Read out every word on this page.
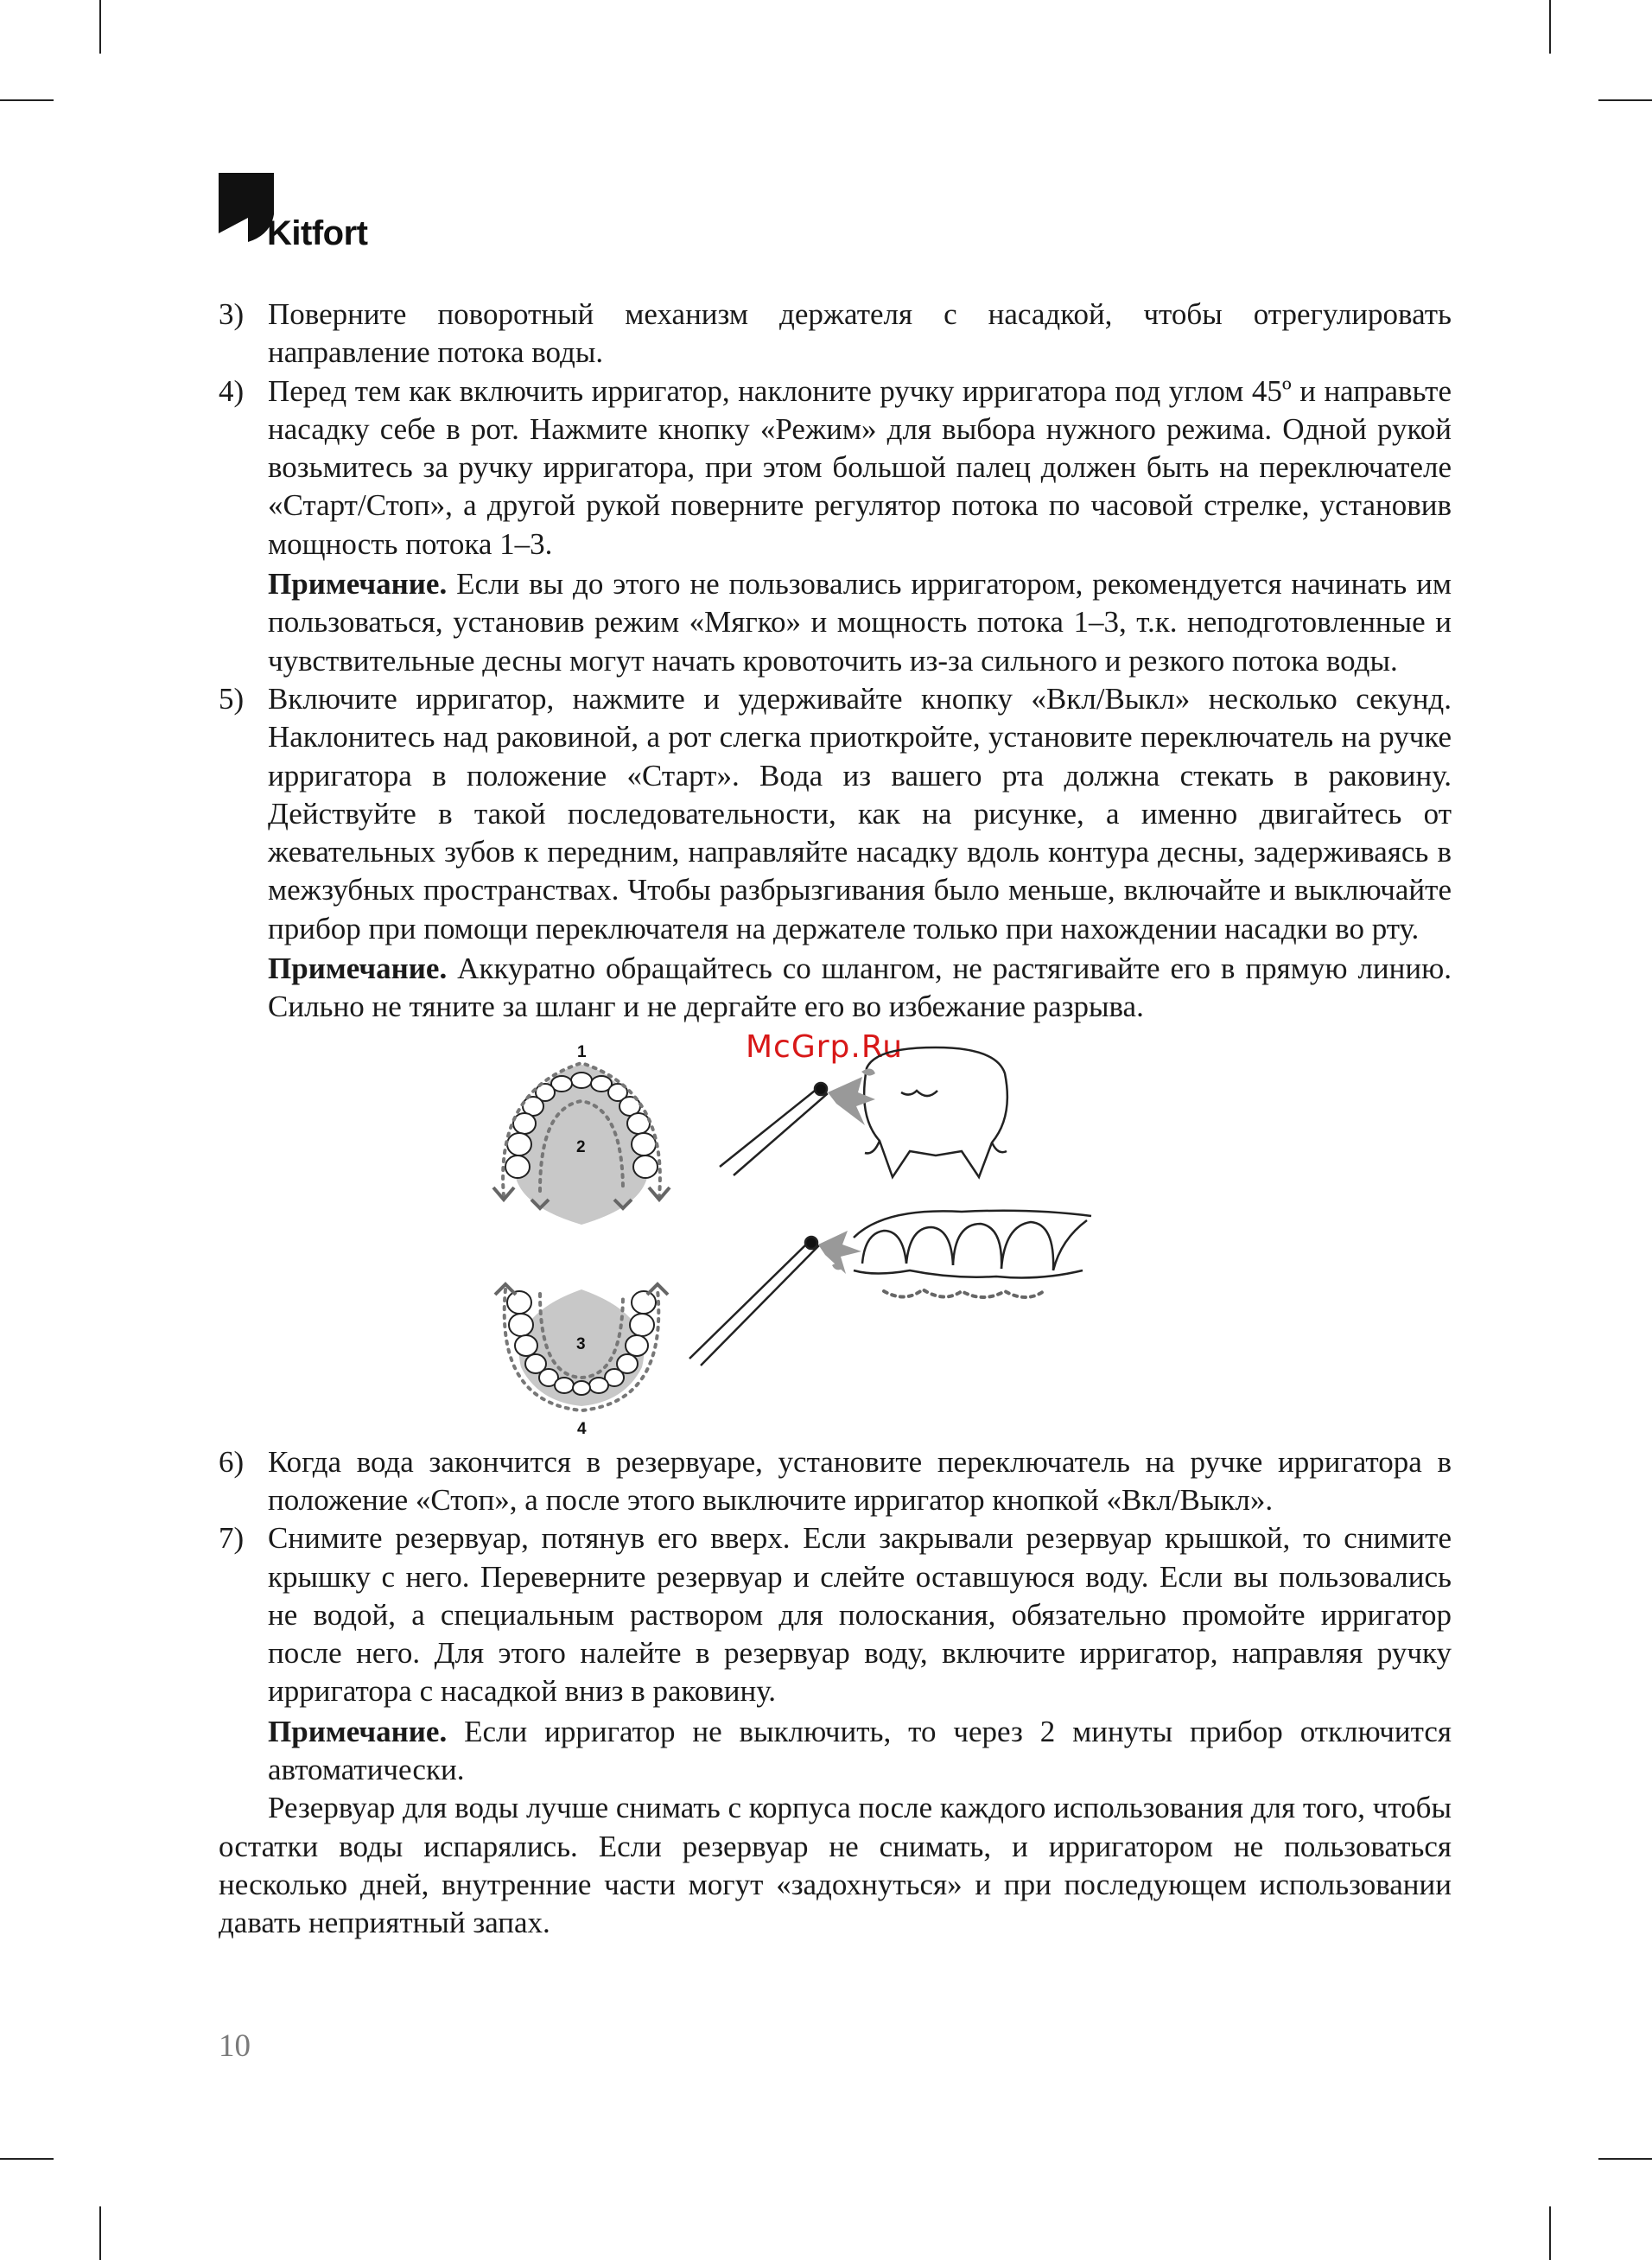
Kitfort
3) Поверните поворотный механизм держателя с насадкой, чтобы отрегулировать направление потока воды.

4) Перед тем как включить ирригатор, наклоните ручку ирригатора под углом 45º и направьте насадку себе в рот. Нажмите кнопку «Режим» для выбора нужного режима. Одной рукой возьмитесь за ручку ирригатора, при этом большой палец должен быть на переключателе «Старт/Стоп», а другой рукой поверните регулятор потока по часовой стрелке, установив мощность потока 1–3.

Примечание. Если вы до этого не пользовались ирригатором, рекомендуется начинать им пользоваться, установив режим «Мягко» и мощность потока 1–3, т.к. неподготовленные и чувствительные десны могут начать кровоточить из-за сильного и резкого потока воды.

5) Включите ирригатор, нажмите и удерживайте кнопку «Вкл/Выкл» несколько секунд. Наклонитесь над раковиной, а рот слегка приоткройте, установите переключатель на ручке ирригатора в положение «Старт». Вода из вашего рта должна стекать в раковину. Действуйте в такой последовательности, как на рисунке, а именно двигайтесь от жевательных зубов к передним, направляйте насадку вдоль контура десны, задерживаясь в межзубных пространствах. Чтобы разбрызгивания было меньше, включайте и выключайте прибор при помощи переключателя на держателе только при нахождении насадки во рту.

Примечание. Аккуратно обращайтесь со шлангом, не растягивайте его в прямую линию. Сильно не тяните за шланг и не дергайте его во избежание разрыва.

McGrp.Ru
1
2
3
4
6) Когда вода закончится в резервуаре, установите переключатель на ручке ирригатора в положение «Стоп», а после этого выключите ирригатор кнопкой «Вкл/Выкл».

7) Снимите резервуар, потянув его вверх. Если закрывали резервуар крышкой, то снимите крышку с него. Переверните резервуар и слейте оставшуюся воду. Если вы пользовались не водой, а специальным раствором для полоскания, обязательно промойте ирригатор после него. Для этого налейте в резервуар воду, включите ирригатор, направляя ручку ирригатора с насадкой вниз в раковину.

Примечание. Если ирригатор не выключить, то через 2 минуты прибор отключится автоматически.

Резервуар для воды лучше снимать с корпуса после каждого использования для того, чтобы остатки воды испарялись. Если резервуар не снимать, и ирригатором не пользоваться несколько дней, внутренние части могут «задохнуться» и при последующем использовании давать неприятный запах.

10
